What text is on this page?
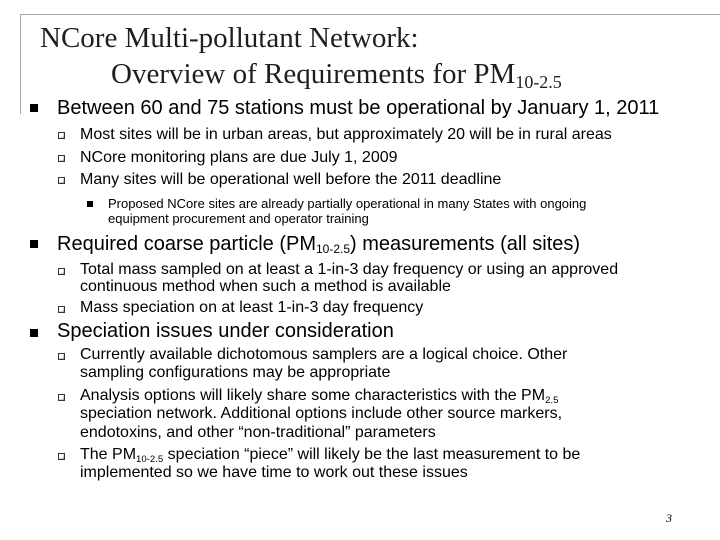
NCore Multi-pollutant Network:
Overview of Requirements for $PM_{10-2.5}$
Between 60 and 75 stations must be operational by January 1, 2011
Most sites will be in urban areas, but approximately 20 will be in rural areas
NCore monitoring plans are due July 1, 2009
Many sites will be operational well before the 2011 deadline
Proposed NCore sites are already partially operational in many States with ongoing
equipment procurement and operator training
Required coarse particle $(PM_{10-2.5})$ measurements (all sites)
Total mass sampled on at least a 1-in-3 day frequency or using an approved
continuous method when such a method is available
Mass speciation on at least 1-in-3 day frequency
Speciation issues under consideration
Currently available dichotomous samplers are a logical choice. Other
sampling configurations may be appropriate
Analysis options will likely share some characteristics with the $PM_{2.5}$
speciation network. Additional options include other source markers,
endotoxins, and other “non-traditional” parameters
The $PM_{10-2.5}$ speciation “piece” will likely be the last measurement to be
implemented so we have time to work out these issues
3
